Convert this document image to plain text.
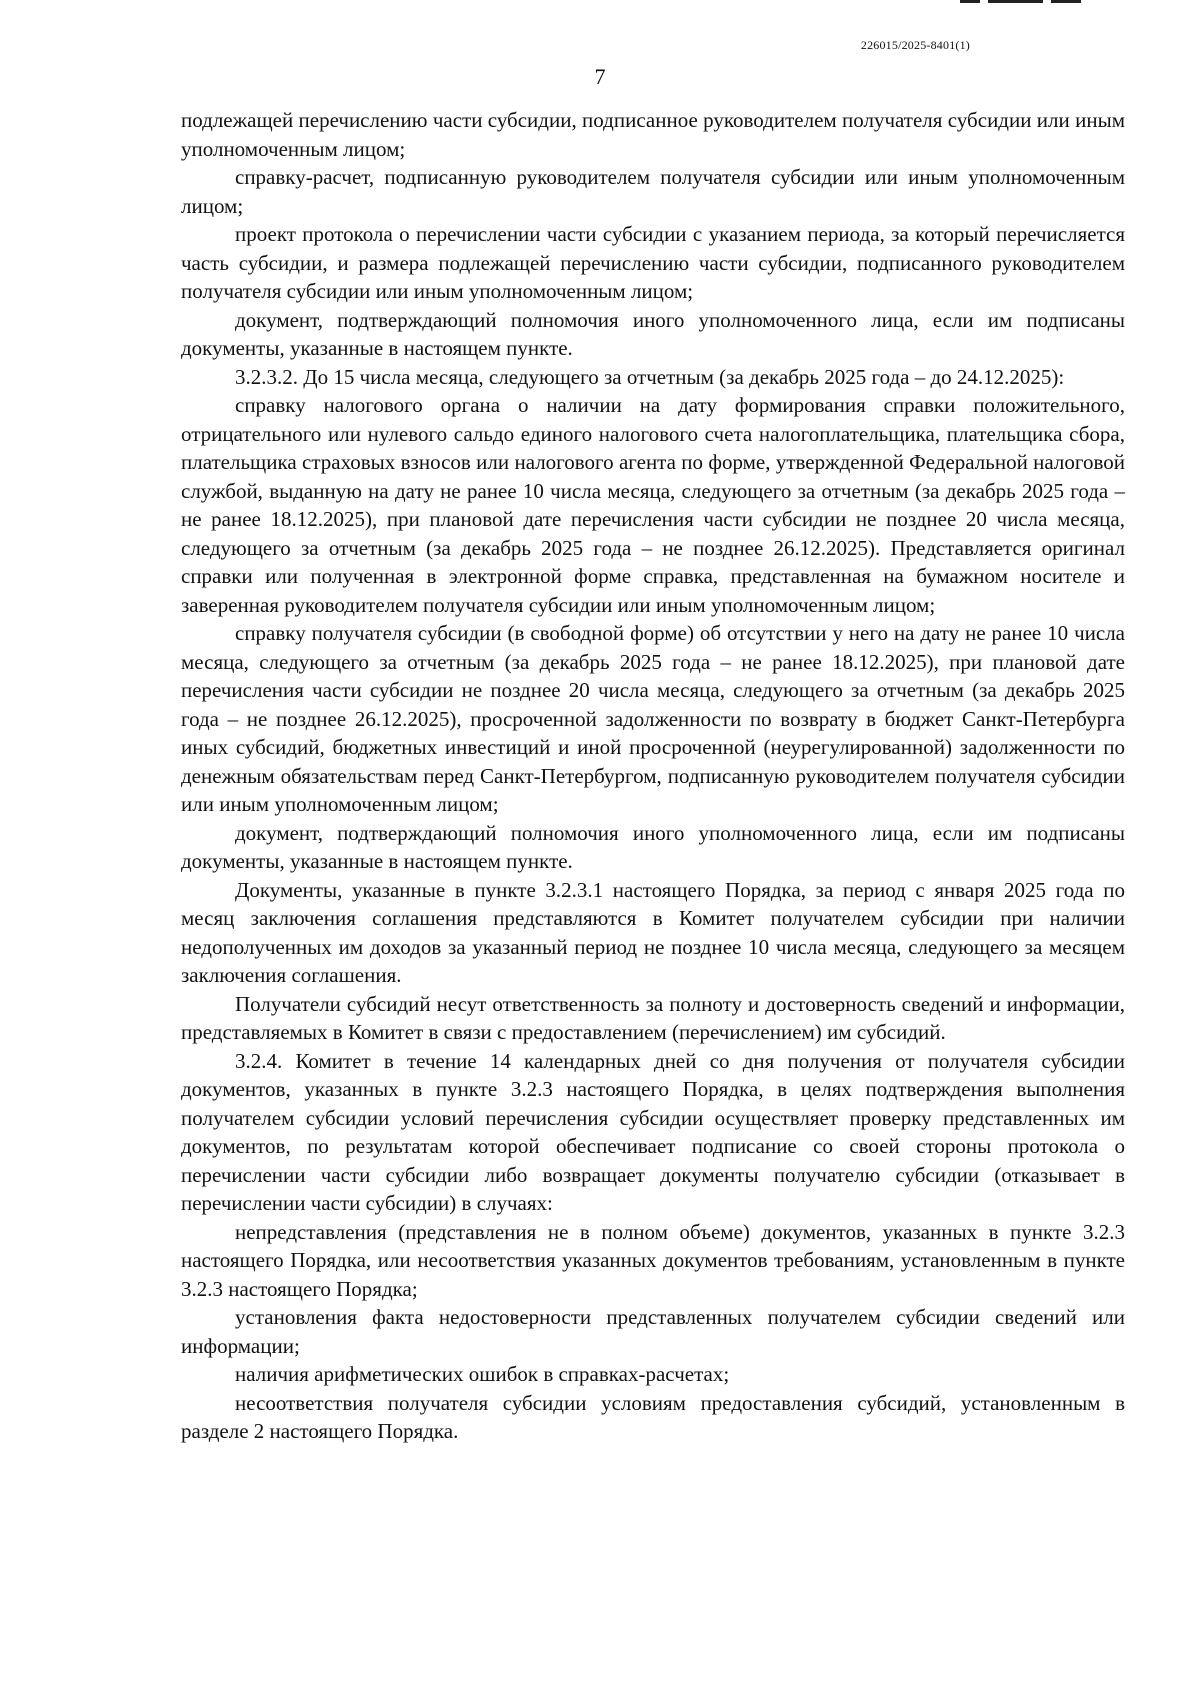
226015/2025-8401(1)
7

подлежащей перечислению части субсидии, подписанное руководителем получателя субсидии или иным уполномоченным лицом;

справку-расчет, подписанную руководителем получателя субсидии или иным уполномоченным лицом;

проект протокола о перечислении части субсидии с указанием периода, за который перечисляется часть субсидии, и размера подлежащей перечислению части субсидии, подписанного руководителем получателя субсидии или иным уполномоченным лицом;

документ, подтверждающий полномочия иного уполномоченного лица, если им подписаны документы, указанные в настоящем пункте.

3.2.3.2. До 15 числа месяца, следующего за отчетным (за декабрь 2025 года – до 24.12.2025):

справку налогового органа о наличии на дату формирования справки положительного, отрицательного или нулевого сальдо единого налогового счета налогоплательщика, плательщика сбора, плательщика страховых взносов или налогового агента по форме, утвержденной Федеральной налоговой службой, выданную на дату не ранее 10 числа месяца, следующего за отчетным (за декабрь 2025 года – не ранее 18.12.2025), при плановой дате перечисления части субсидии не позднее 20 числа месяца, следующего за отчетным (за декабрь 2025 года – не позднее 26.12.2025). Представляется оригинал справки или полученная в электронной форме справка, представленная на бумажном носителе и заверенная руководителем получателя субсидии или иным уполномоченным лицом;

справку получателя субсидии (в свободной форме) об отсутствии у него на дату не ранее 10 числа месяца, следующего за отчетным (за декабрь 2025 года – не ранее 18.12.2025), при плановой дате перечисления части субсидии не позднее 20 числа месяца, следующего за отчетным (за декабрь 2025 года – не позднее 26.12.2025), просроченной задолженности по возврату в бюджет Санкт-Петербурга иных субсидий, бюджетных инвестиций и иной просроченной (неурегулированной) задолженности по денежным обязательствам перед Санкт-Петербургом, подписанную руководителем получателя субсидии или иным уполномоченным лицом;

документ, подтверждающий полномочия иного уполномоченного лица, если им подписаны документы, указанные в настоящем пункте.

Документы, указанные в пункте 3.2.3.1 настоящего Порядка, за период с января 2025 года по месяц заключения соглашения представляются в Комитет получателем субсидии при наличии недополученных им доходов за указанный период не позднее 10 числа месяца, следующего за месяцем заключения соглашения.

Получатели субсидий несут ответственность за полноту и достоверность сведений и информации, представляемых в Комитет в связи с предоставлением (перечислением) им субсидий.

3.2.4. Комитет в течение 14 календарных дней со дня получения от получателя субсидии документов, указанных в пункте 3.2.3 настоящего Порядка, в целях подтверждения выполнения получателем субсидии условий перечисления субсидии осуществляет проверку представленных им документов, по результатам которой обеспечивает подписание со своей стороны протокола о перечислении части субсидии либо возвращает документы получателю субсидии (отказывает в перечислении части субсидии) в случаях:

непредставления (представления не в полном объеме) документов, указанных в пункте 3.2.3 настоящего Порядка, или несоответствия указанных документов требованиям, установленным в пункте 3.2.3 настоящего Порядка;

установления факта недостоверности представленных получателем субсидии сведений или информации;

наличия арифметических ошибок в справках-расчетах;

несоответствия получателя субсидии условиям предоставления субсидий, установленным в разделе 2 настоящего Порядка.
